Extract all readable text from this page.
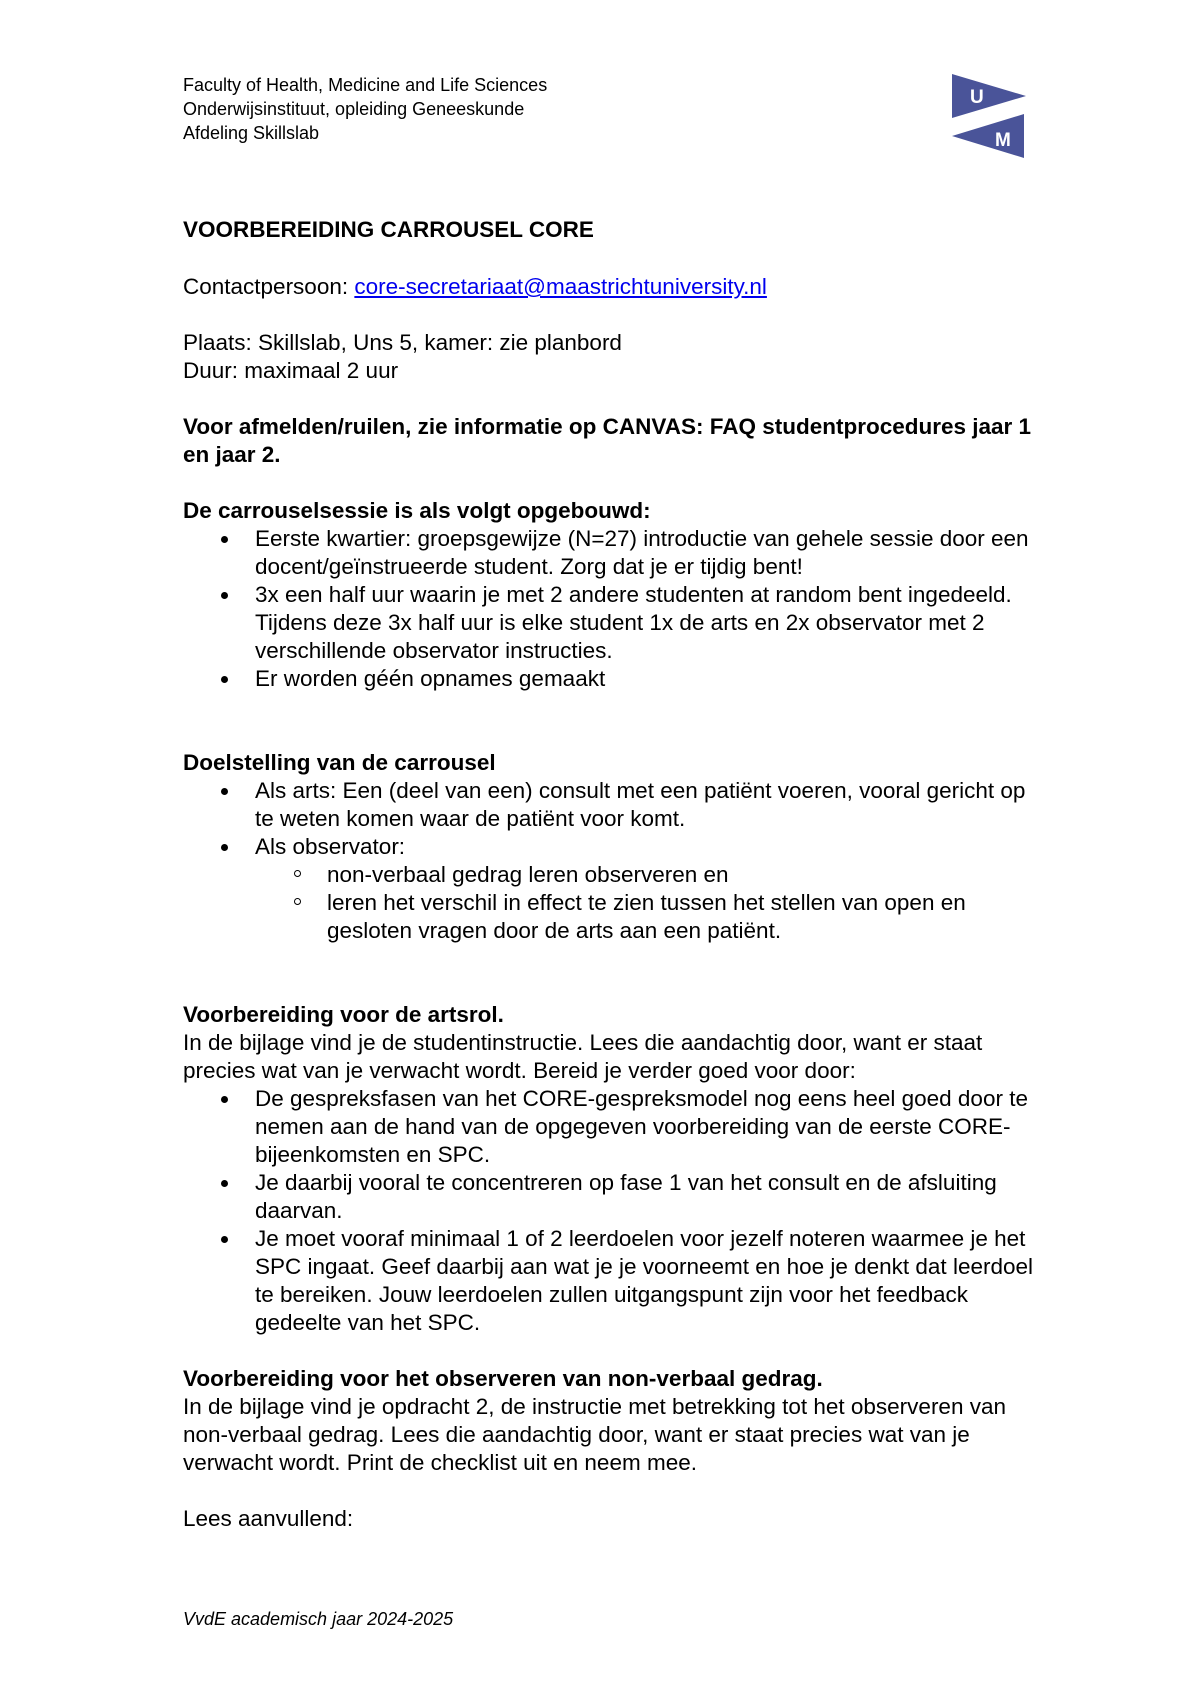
Faculty of Health, Medicine and Life Sciences
Onderwijsinstituut, opleiding Geneeskunde
Afdeling Skillslab
U
M

VOORBEREIDING CARROUSEL CORE

Contactpersoon: core-secretariaat@maastrichtuniversity.nl

Plaats: Skillslab, Uns 5, kamer: zie planbord

Duur: maximaal 2 uur

Voor afmelden/ruilen, zie informatie op CANVAS: FAQ studentprocedures jaar 1 en jaar 2.

De carrouselsessie is als volgt opgebouwd:

Eerste kwartier: groepsgewijze (N=27) introductie van gehele sessie door een docent/geïnstrueerde student. Zorg dat je er tijdig bent!
3x een half uur waarin je met 2 andere studenten at random bent ingedeeld. Tijdens deze 3x half uur is elke student 1x de arts en 2x observator met 2 verschillende observator instructies.
Er worden géén opnames gemaakt

Doelstelling van de carrousel

Als arts: Een (deel van een) consult met een patiënt voeren, vooral gericht op te weten komen waar de patiënt voor komt.
Als observator:
non-verbaal gedrag leren observeren en
leren het verschil in effect te zien tussen het stellen van open en gesloten vragen door de arts aan een patiënt.

Voorbereiding voor de artsrol.

In de bijlage vind je de studentinstructie. Lees die aandachtig door, want er staat precies wat van je verwacht wordt. Bereid je verder goed voor door:

De gespreksfasen van het CORE-gespreksmodel nog eens heel goed door te nemen aan de hand van de opgegeven voorbereiding van de eerste CORE-bijeenkomsten en SPC.
Je daarbij vooral te concentreren op fase 1 van het consult en de afsluiting daarvan.
Je moet vooraf minimaal 1 of 2 leerdoelen voor jezelf noteren waarmee je het SPC ingaat. Geef daarbij aan wat je je voorneemt en hoe je denkt dat leerdoel te bereiken. Jouw leerdoelen zullen uitgangspunt zijn voor het feedback gedeelte van het SPC.

Voorbereiding voor het observeren van non-verbaal gedrag.

In de bijlage vind je opdracht 2, de instructie met betrekking tot het observeren van non-verbaal gedrag. Lees die aandachtig door, want er staat precies wat van je verwacht wordt. Print de checklist uit en neem mee.

Lees aanvullend:

VvdE academisch jaar 2024-2025
